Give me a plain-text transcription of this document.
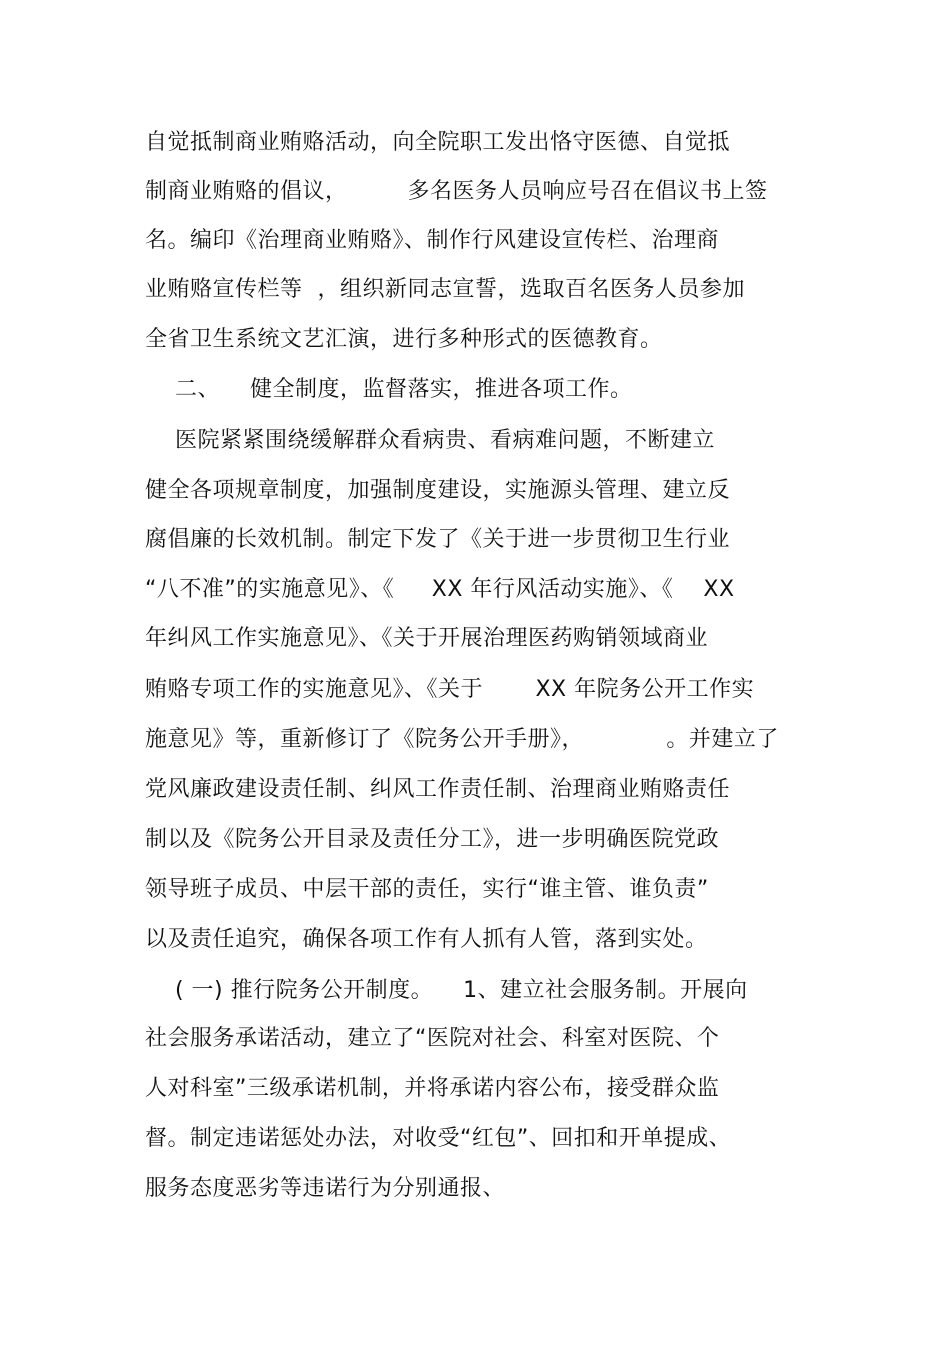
自觉抵制商业贿赂活动，向全院职工发出恪守医德、自觉抵
制商业贿赂的倡议，        多名医务人员响应号召在倡议书上签
名。编印《治理商业贿赂》、制作行风建设宣传栏、治理商
业贿赂宣传栏等  ，组织新同志宣誓，选取百名医务人员参加
全省卫生系统文艺汇演，进行多种形式的医德教育。
二、    健全制度，监督落实，推进各项工作。
医院紧紧围绕缓解群众看病贵、看病难问题，不断建立
健全各项规章制度，加强制度建设，实施源头管理、建立反
腐倡廉的长效机制。制定下发了《关于进一步贯彻卫生行业
“八不准”的实施意见》、《     XX 年行风活动实施》、《    XX
年纠风工作实施意见》、《关于开展治理医药购销领域商业
贿赂专项工作的实施意见》、《关于       XX 年院务公开工作实
施意见》等，重新修订了《院务公开手册》，           。并建立了
党风廉政建设责任制、纠风工作责任制、治理商业贿赂责任
制以及《院务公开目录及责任分工》，进一步明确医院党政
领导班子成员、中层干部的责任，实行“谁主管、谁负责”
以及责任追究，确保各项工作有人抓有人管，落到实处。
( 一) 推行院务公开制度。    1、建立社会服务制。开展向
社会服务承诺活动，建立了“医院对社会、科室对医院、个
人对科室”三级承诺机制，并将承诺内容公布，接受群众监
督。制定违诺惩处办法，对收受“红包”、回扣和开单提成、
服务态度恶劣等违诺行为分别通报、
